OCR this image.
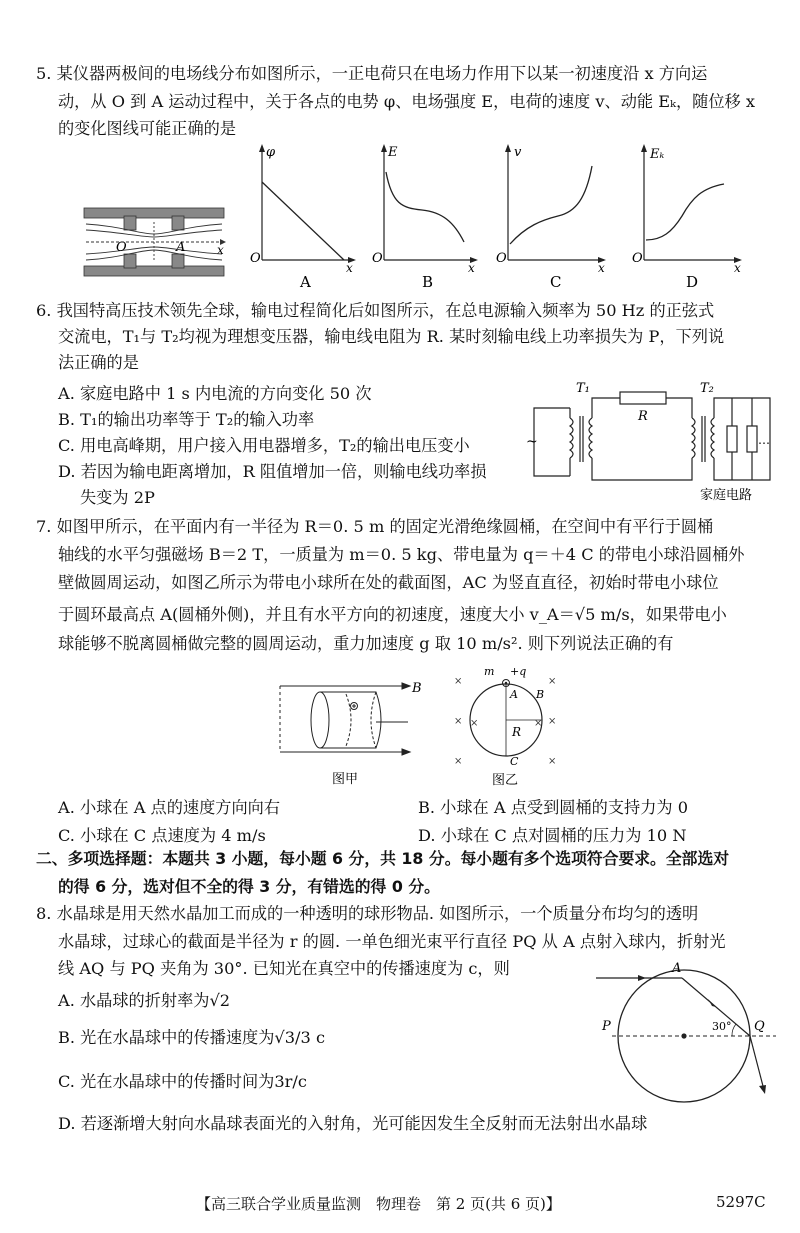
5. 某仪器两极间的电场线分布如图所示，一正电荷只在电场力作用下以某一初速度沿 x 方向运
动，从 O 到 A 运动过程中，关于各点的电势 φ、电场强度 E，电荷的速度 v、动能 Eₖ，随位移 x
的变化图线可能正确的是
O	A	x
φ
O
x
A
E
O
x
B
v
O
x
C
Eₖ
O
x
D
6. 我国特高压技术领先全球，输电过程简化后如图所示，在总电源输入频率为 50 Hz 的正弦式
交流电，T₁与 T₂均视为理想变压器，输电线电阻为 R. 某时刻输电线上功率损失为 P，下列说
法正确的是
A. 家庭电路中 1 s 内电流的方向变化 50 次
B. T₁的输出功率等于 T₂的输入功率
C. 用电高峰期，用户接入用电器增多，T₂的输出电压变小
D. 若因为输电距离增加，R 阻值增加一倍，则输电线功率损
失变为 2P
~
T₁
R
T₂
…
家庭电路
7. 如图甲所示，在平面内有一半径为 R＝0. 5 m 的固定光滑绝缘圆桶，在空间中有平行于圆桶
轴线的水平匀强磁场 B＝2 T，一质量为 m＝0. 5 kg、带电量为 q＝＋4 C 的带电小球沿圆桶外
壁做圆周运动，如图乙所示为带电小球所在处的截面图，AC 为竖直直径，初始时带电小球位
于圆环最高点 A(圆桶外侧)，并且有水平方向的初速度，速度大小 v_A＝√5 m/s，如果带电小
球能够不脱离圆桶做完整的圆周运动，重力加速度 g 取 10 m/s². 则下列说法正确的有
B
图甲
×	×
×	×
×	×
×	×
m +q
A B
R
C
图乙
A. 小球在 A 点的速度方向向右	B. 小球在 A 点受到圆桶的支持力为 0
C. 小球在 C 点速度为 4 m/s	D. 小球在 C 点对圆桶的压力为 10 N
二、多项选择题：本题共 3 小题，每小题 6 分，共 18 分。每小题有多个选项符合要求。全部选对
的得 6 分，选对但不全的得 3 分，有错选的得 0 分。
8. 水晶球是用天然水晶加工而成的一种透明的球形物品. 如图所示，一个质量分布均匀的透明
水晶球，过球心的截面是半径为 r 的圆. 一单色细光束平行直径 PQ 从 A 点射入球内，折射光
线 AQ 与 PQ 夹角为 30°. 已知光在真空中的传播速度为 c，则
A. 水晶球的折射率为√2
B. 光在水晶球中的传播速度为√3/3 c
C. 光在水晶球中的传播时间为3r/c
D. 若逐渐增大射向水晶球表面光的入射角，光可能因发生全反射而无法射出水晶球
A
P	Q
30°
【高三联合学业质量监测　物理卷　第 2 页(共 6 页)】	5297C
